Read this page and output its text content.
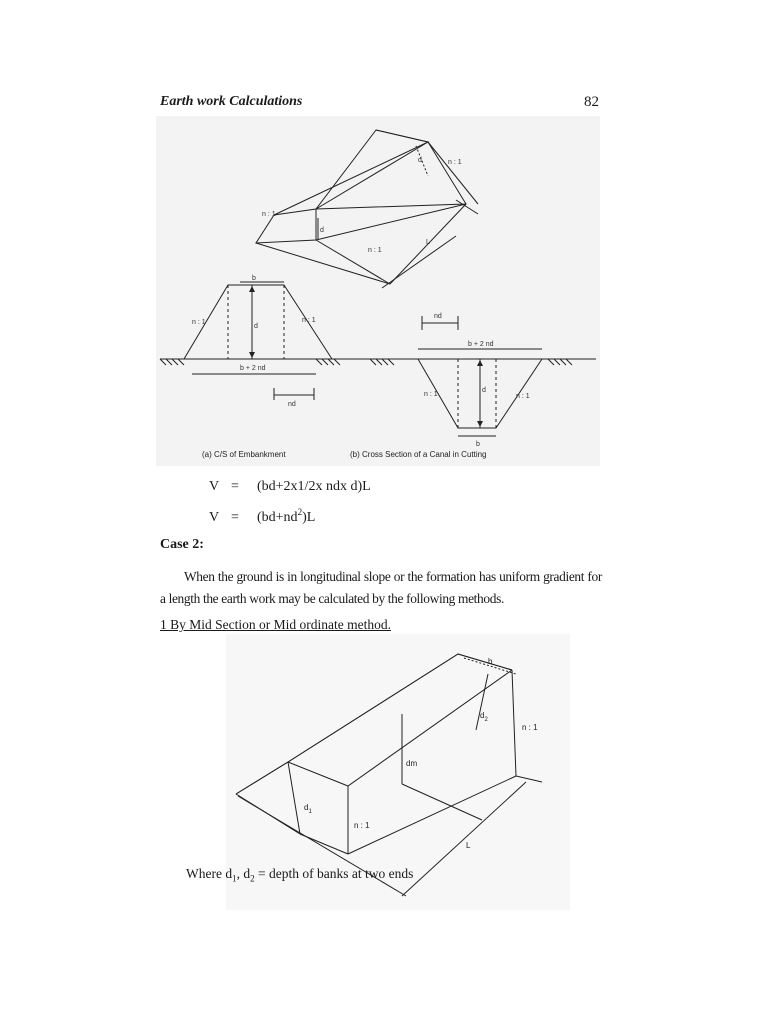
Earth work Calculations	82
n : 1
n : 1
n : 1
d
L
d
b
n : 1	n : 1
d
b + 2 nd
nd
nd
b + 2 nd
d
n : 1	n : 1
b
(a) C/S of Embankment	(b) Cross Section of a Canal in Cutting
V = (bd+2x1/2x ndx d)L
$V = (bd+nd^2)L$
Case 2:
When the ground is in longitudinal slope or the formation has uniform gradient for a length the earth work may be calculated by the following methods.
1 By Mid Section or Mid ordinate method.
b
$d_2$
dm
$d_1$
n : 1
n : 1
L
Where $d_1$, $d_2$ = depth of banks at two ends
